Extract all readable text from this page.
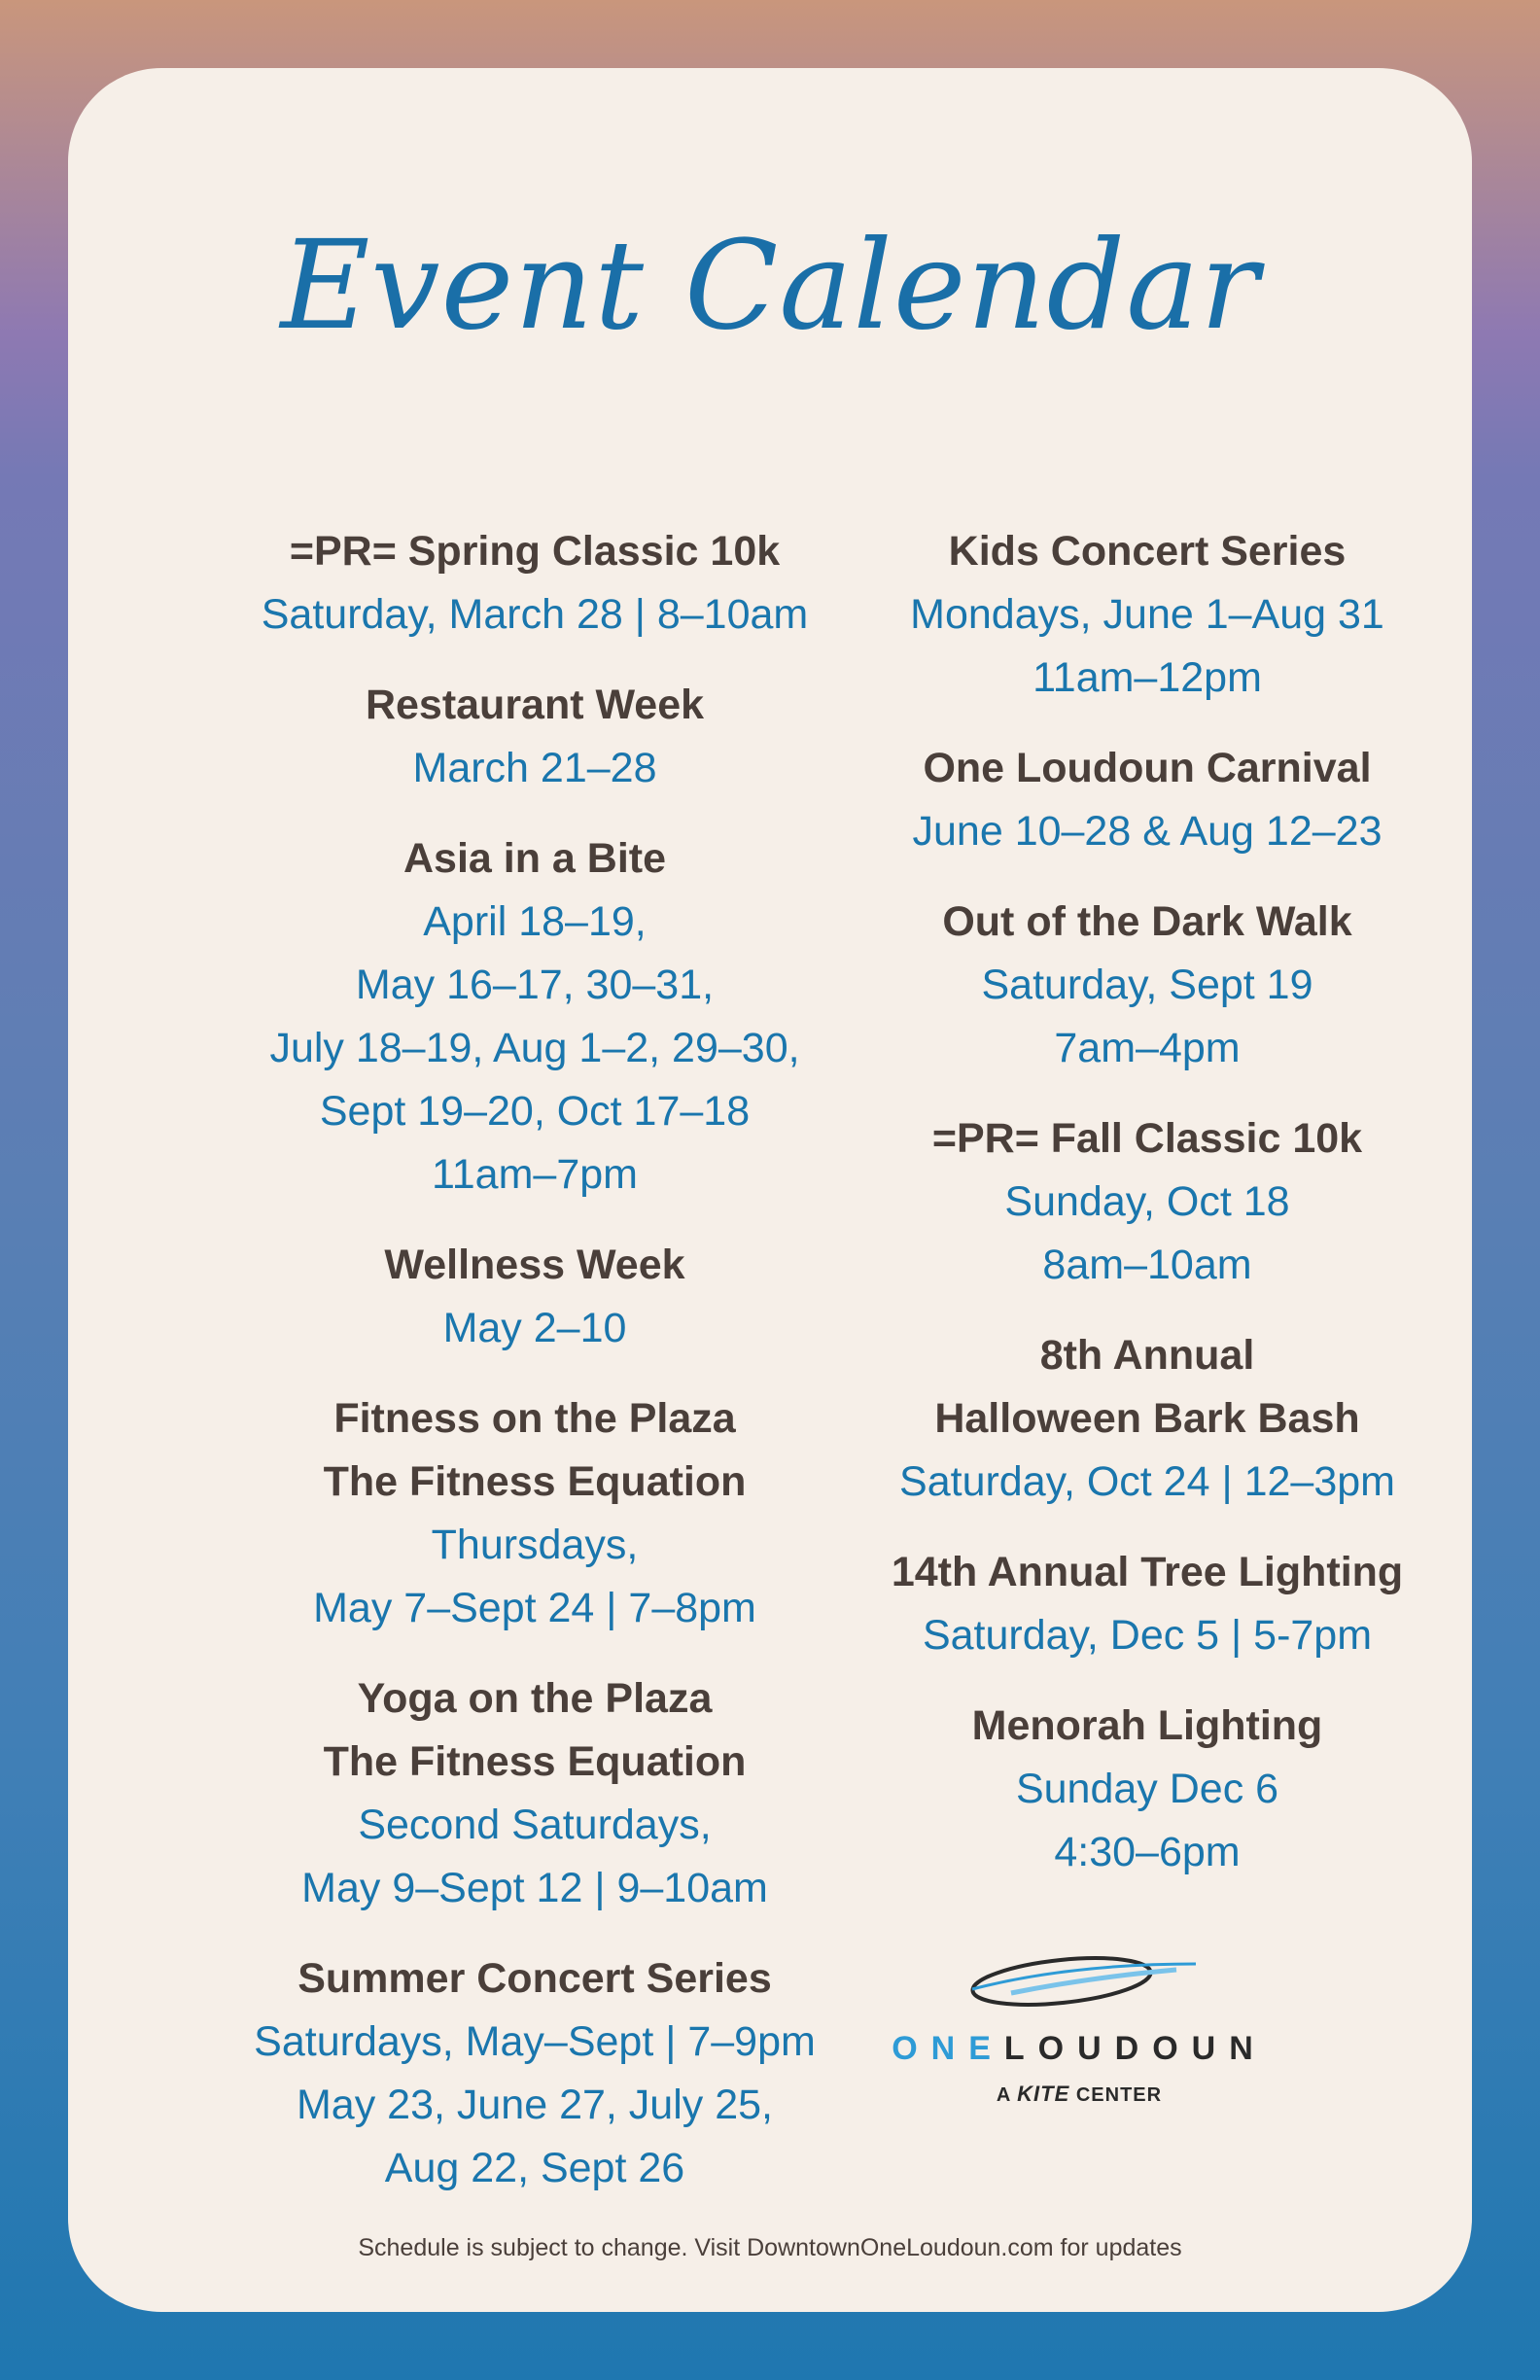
Event Calendar
=PR= Spring Classic 10k
Saturday, March 28 | 8–10am
Restaurant Week
March 21–28
Asia in a Bite
April 18–19,
May 16–17, 30–31,
July 18–19, Aug 1–2, 29–30,
Sept 19–20, Oct 17–18
11am–7pm
Wellness Week
May 2–10
Fitness on the Plaza
The Fitness Equation
Thursdays,
May 7–Sept 24 | 7–8pm
Yoga on the Plaza
The Fitness Equation
Second Saturdays,
May 9–Sept 12 | 9–10am
Summer Concert Series
Saturdays, May–Sept | 7–9pm
May 23, June 27, July 25,
Aug 22, Sept 26
Kids Concert Series
Mondays, June 1–Aug 31
11am–12pm
One Loudoun Carnival
June 10–28 & Aug 12–23
Out of the Dark Walk
Saturday, Sept 19
7am–4pm
=PR= Fall Classic 10k
Sunday, Oct 18
8am–10am
8th Annual
Halloween Bark Bash
Saturday, Oct 24 | 12–3pm
14th Annual Tree Lighting
Saturday, Dec 5 | 5-7pm
Menorah Lighting
Sunday Dec 6
4:30–6pm
ONELOUDOUN
A KITE CENTER
Schedule is subject to change. Visit DowntownOneLoudoun.com for updates
